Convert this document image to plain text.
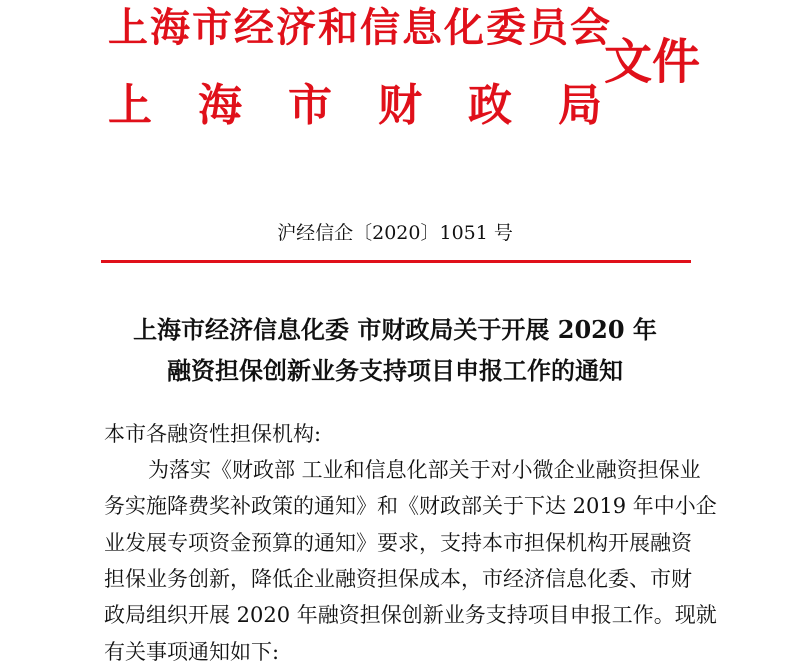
上海市经济和信息化委员会
上海市财政局
文件
沪经信企〔2020〕1051 号
上海市经济信息化委 市财政局关于开展 2020 年
融资担保创新业务支持项目申报工作的通知
本市各融资性担保机构:
为落实《财政部 工业和信息化部关于对小微企业融资担保业
务实施降费奖补政策的通知》和《财政部关于下达 2019 年中小企
业发展专项资金预算的通知》要求，支持本市担保机构开展融资
担保业务创新，降低企业融资担保成本，市经济信息化委、市财
政局组织开展 2020 年融资担保创新业务支持项目申报工作。现就
有关事项通知如下:
